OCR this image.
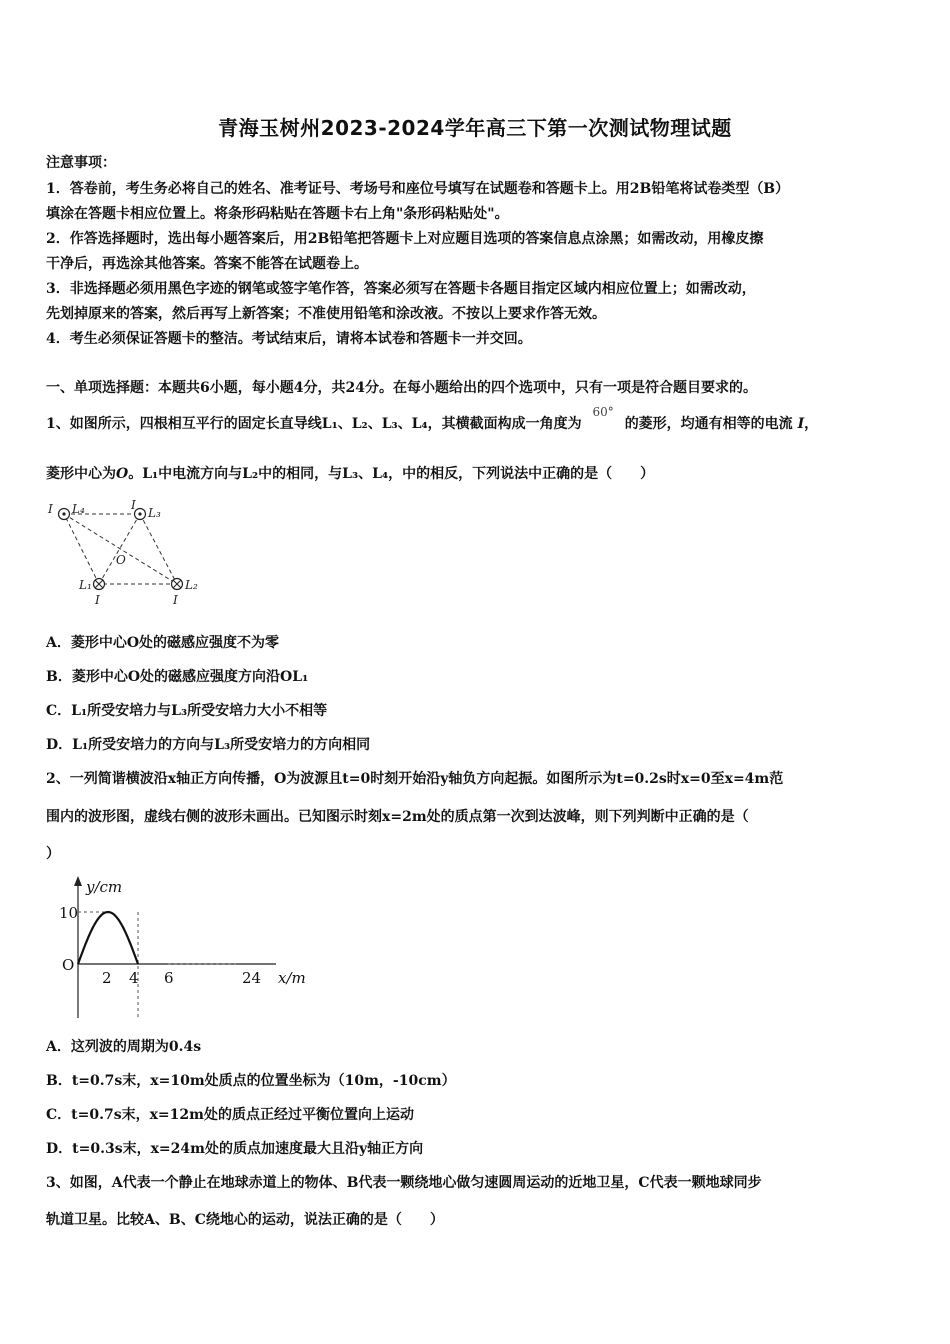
青海玉树州2023-2024学年高三下第一次测试物理试题
注意事项：
1．答卷前，考生务必将自己的姓名、准考证号、考场号和座位号填写在试题卷和答题卡上。用2B铅笔将试卷类型（B）
填涂在答题卡相应位置上。将条形码粘贴在答题卡右上角"条形码粘贴处"。
2．作答选择题时，选出每小题答案后，用2B铅笔把答题卡上对应题目选项的答案信息点涂黑；如需改动，用橡皮擦
干净后，再选涂其他答案。答案不能答在试题卷上。
3．非选择题必须用黑色字迹的钢笔或签字笔作答，答案必须写在答题卡各题目指定区域内相应位置上；如需改动，
先划掉原来的答案，然后再写上新答案；不准使用铅笔和涂改液。不按以上要求作答无效。
4．考生必须保证答题卡的整洁。考试结束后，请将本试卷和答题卡一并交回。
一、单项选择题：本题共6小题，每小题4分，共24分。在每小题给出的四个选项中，只有一项是符合题目要求的。
1、如图所示，四根相互平行的固定长直导线L₁、L₂、L₃、L₄，其横截面构成一角度为 60° 的菱形，均通有相等的电流 I，
菱形中心为O。L₁中电流方向与L₂中的相同，与L₃、L₄，中的相反，下列说法中正确的是（　　）
I L₄	I
L₃
O
L₁
I
L₂
I
A．菱形中心O处的磁感应强度不为零
B．菱形中心O处的磁感应强度方向沿OL₁
C．L₁所受安培力与L₃所受安培力大小不相等
D．L₁所受安培力的方向与L₃所受安培力的方向相同
2、一列简谐横波沿x轴正方向传播，O为波源且t=0时刻开始沿y轴负方向起振。如图所示为t=0.2s时x=0至x=4m范
围内的波形图，虚线右侧的波形未画出。已知图示时刻x=2m处的质点第一次到达波峰，则下列判断中正确的是（
）
10
O
2 4 6	24 x/m
y/cm
A．这列波的周期为0.4s
B．t=0.7s末，x=10m处质点的位置坐标为（10m，-10cm）
C．t=0.7s末，x=12m处的质点正经过平衡位置向上运动
D．t=0.3s末，x=24m处的质点加速度最大且沿y轴正方向
3、如图，A代表一个静止在地球赤道上的物体、B代表一颗绕地心做匀速圆周运动的近地卫星，C代表一颗地球同步
轨道卫星。比较A、B、C绕地心的运动，说法正确的是（　　）
